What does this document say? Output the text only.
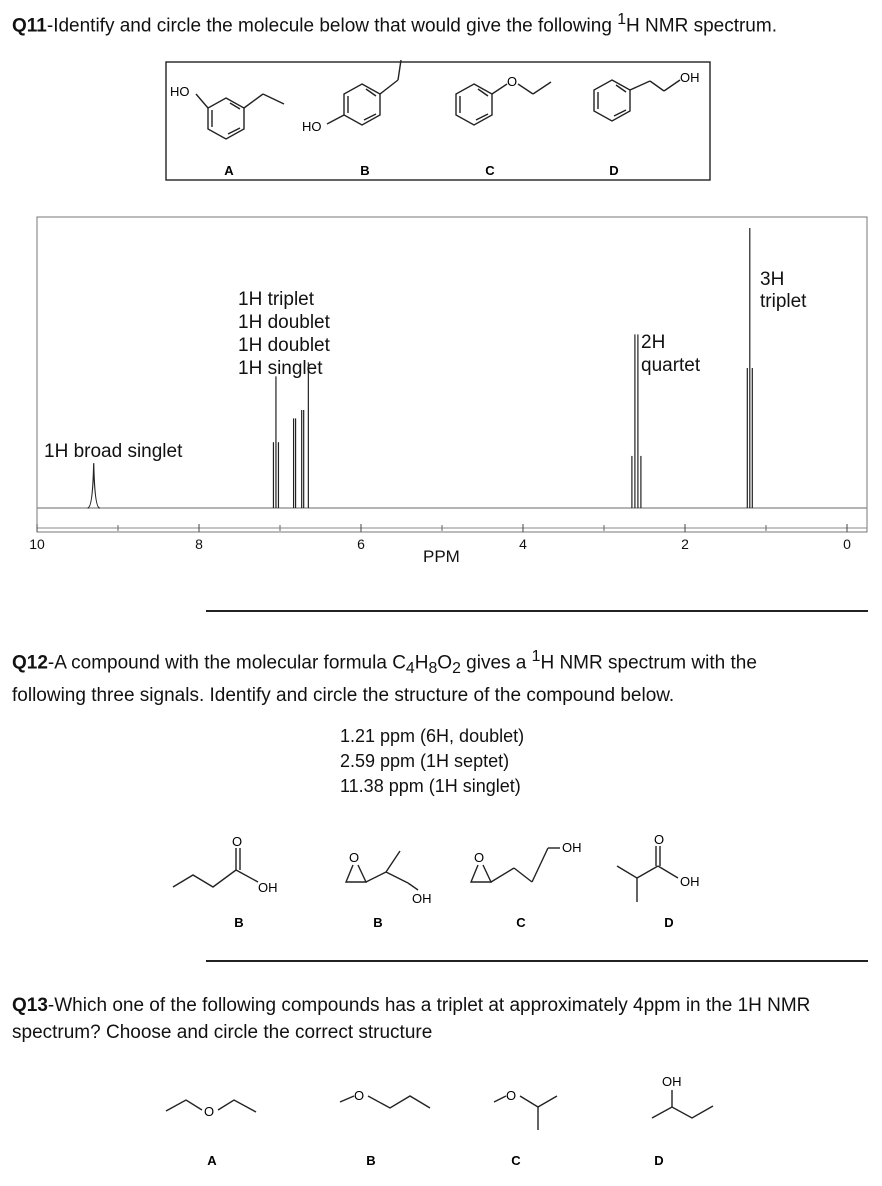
Q11-Identify and circle the molecule below that would give the following $^1$H NMR spectrum.
HO
A
HO
B
O
C
OH
D
10	8	6	4	2	0
PPM
1H broad singlet
1H triplet
1H doublet
1H doublet
1H singlet
2H
quartet
3H
triplet
Q12-A compound with the molecular formula $C_4H_8O_2$ gives a $^1$H NMR spectrum with the
following three signals. Identify and circle the structure of the compound below.
1.21 ppm (6H, doublet)
2.59 ppm (1H septet)
11.38 ppm (1H singlet)
O
OH
B
O
OH
B
O
OH
C
O
OH
D
Q13-Which one of the following compounds has a triplet at approximately 4ppm in the 1H NMR
spectrum? Choose and circle the correct structure
O
A
O
B
O
C
OH
D
